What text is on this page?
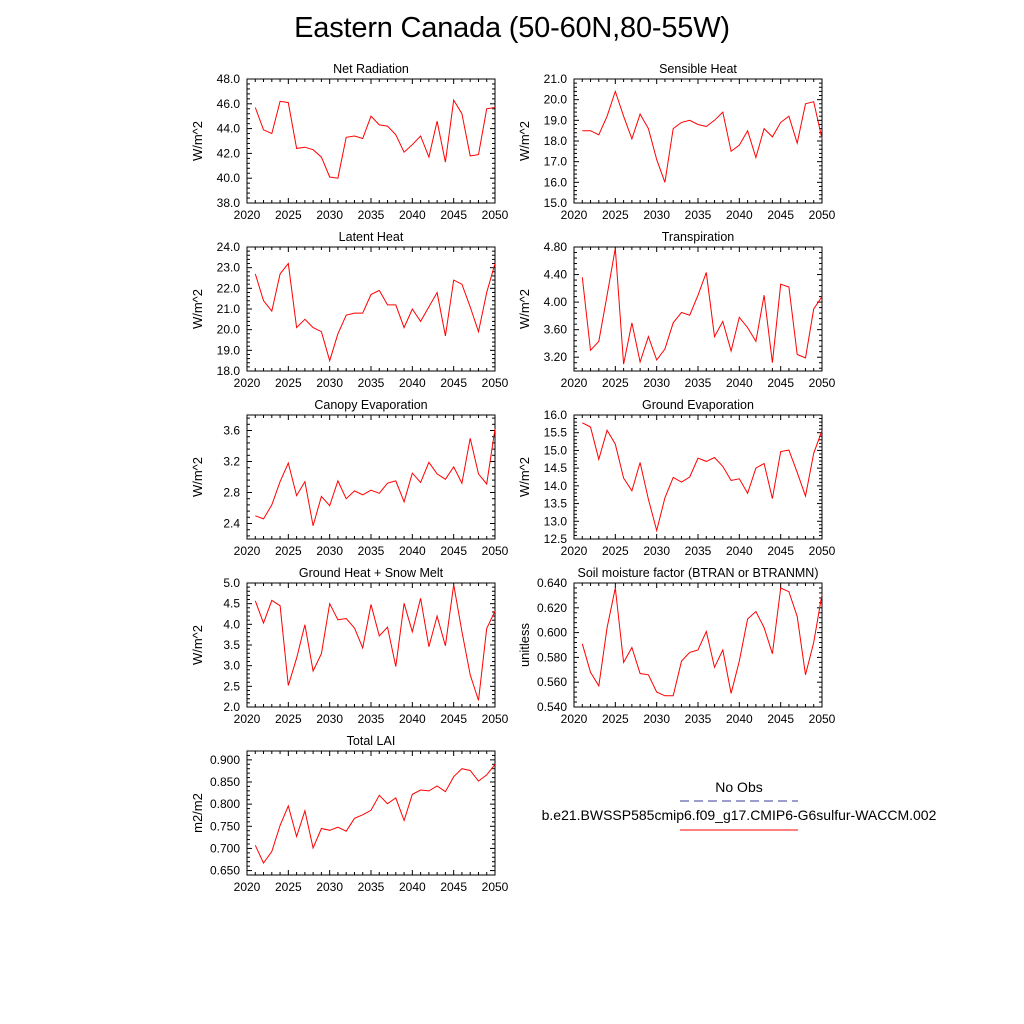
Eastern Canada (50-60N,80-55W)
Net Radiation
2020 2025 2030 2035 2040 2045 2050
38.0
40.0
42.0
44.0
46.0
48.0
W/m^2
Sensible Heat
2020 2025 2030 2035 2040 2045 2050
15.0
16.0
17.0
18.0
19.0
20.0
21.0
W/m^2
Latent Heat
2020 2025 2030 2035 2040 2045 2050
18.0
19.0
20.0
21.0
22.0
23.0
24.0
W/m^2
Transpiration
2020 2025 2030 2035 2040 2045 2050
3.20
3.60
4.00
4.40
4.80
W/m^2
Canopy Evaporation
2020 2025 2030 2035 2040 2045 2050
2.4
2.8
3.2
3.6
W/m^2
Ground Evaporation
2020 2025 2030 2035 2040 2045 2050
12.5
13.0
13.5
14.0
14.5
15.0
15.5
16.0
W/m^2
Ground Heat + Snow Melt
2020 2025 2030 2035 2040 2045 2050
2.0
2.5
3.0
3.5
4.0
4.5
5.0
W/m^2
Soil moisture factor (BTRAN or BTRANMN)
2020 2025 2030 2035 2040 2045 2050
0.540
0.560
0.580
0.600
0.620
0.640
unitless
Total LAI
2020 2025 2030 2035 2040 2045 2050
0.650
0.700
0.750
0.800
0.850
0.900
m2/m2
No Obs
b.e21.BWSSP585cmip6.f09_g17.CMIP6-G6sulfur-WACCM.002
